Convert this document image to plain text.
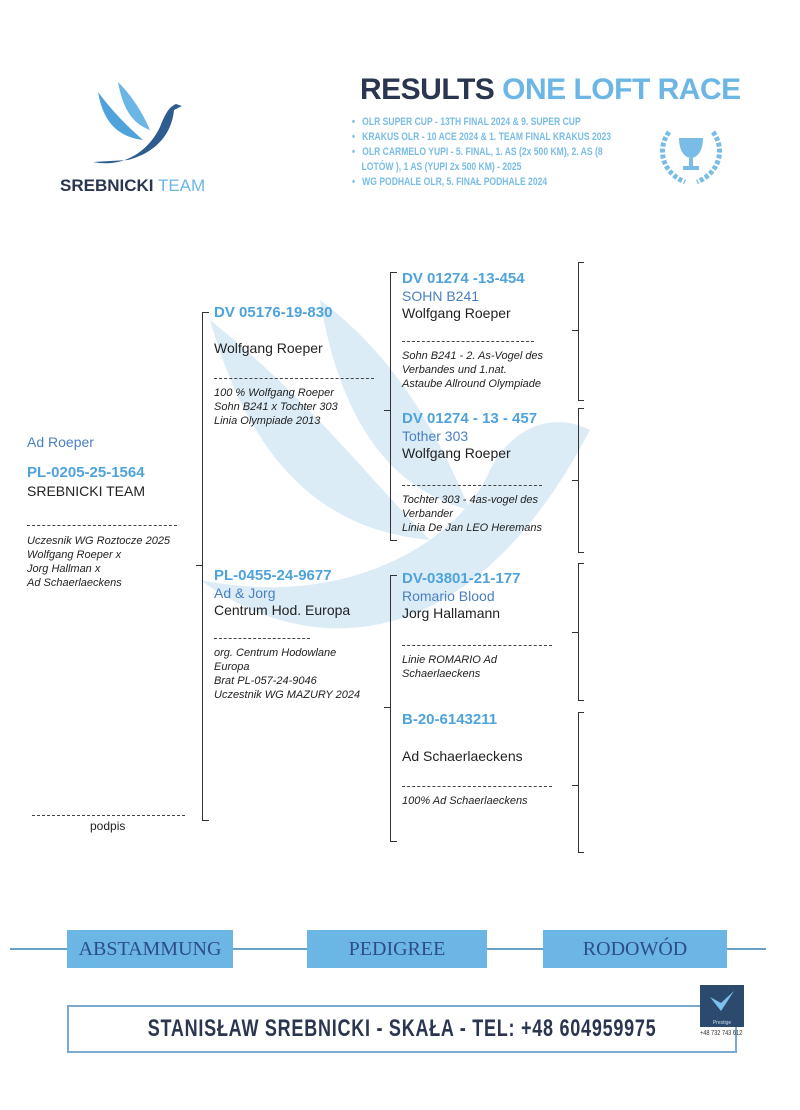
SREBNICKI TEAM
RESULTS ONE LOFT RACE
•   OLR SUPER CUP - 13TH FINAL 2024 & 9. SUPER CUP
•   KRAKUS OLR - 10 ACE 2024 & 1. TEAM FINAL KRAKUS 2023
•   OLR CARMELO YUPI - 5. FINAL, 1. AS (2x 500 KM), 2. AS (8
LOTÓW ), 1 AS (YUPI 2x 500 KM) - 2025
•   WG PODHALE OLR, 5. FINAŁ PODHALE 2024
Ad Roeper
PL-0205-25-1564
SREBNICKI TEAM
Uczesnik WG Roztocze 2025
Wolfgang Roeper x
Jorg Hallman x
Ad Schaerlaeckens
DV 05176-19-830
Wolfgang Roeper
100 % Wolfgang Roeper
Sohn B241 x Tochter 303
Linia Olympiade 2013
PL-0455-24-9677
Ad & Jorg
Centrum Hod. Europa
org. Centrum Hodowlane
Europa
Brat PL-057-24-9046
Uczestnik WG MAZURY 2024
DV 01274 -13-454
SOHN B241
Wolfgang Roeper
Sohn B241 - 2. As-Vogel des
Verbandes und 1.nat.
Astaube Allround Olympiade
DV 01274 - 13 - 457
Tother 303
Wolfgang Roeper
Tochter 303 - 4as-vogel des
Verbander
Linia De Jan LEO Heremans
DV-03801-21-177
Romario Blood
Jorg Hallamann
Linie ROMARIO Ad
Schaerlaeckens
B-20-6143211
Ad Schaerlaeckens
100% Ad Schaerlaeckens
podpis
ABSTAMMUNG	PEDIGREE	RODOWÓD
STANISŁAW SREBNICKI - SKAŁA - TEL: +48 604959975	Prestige
+48 732 743 612
